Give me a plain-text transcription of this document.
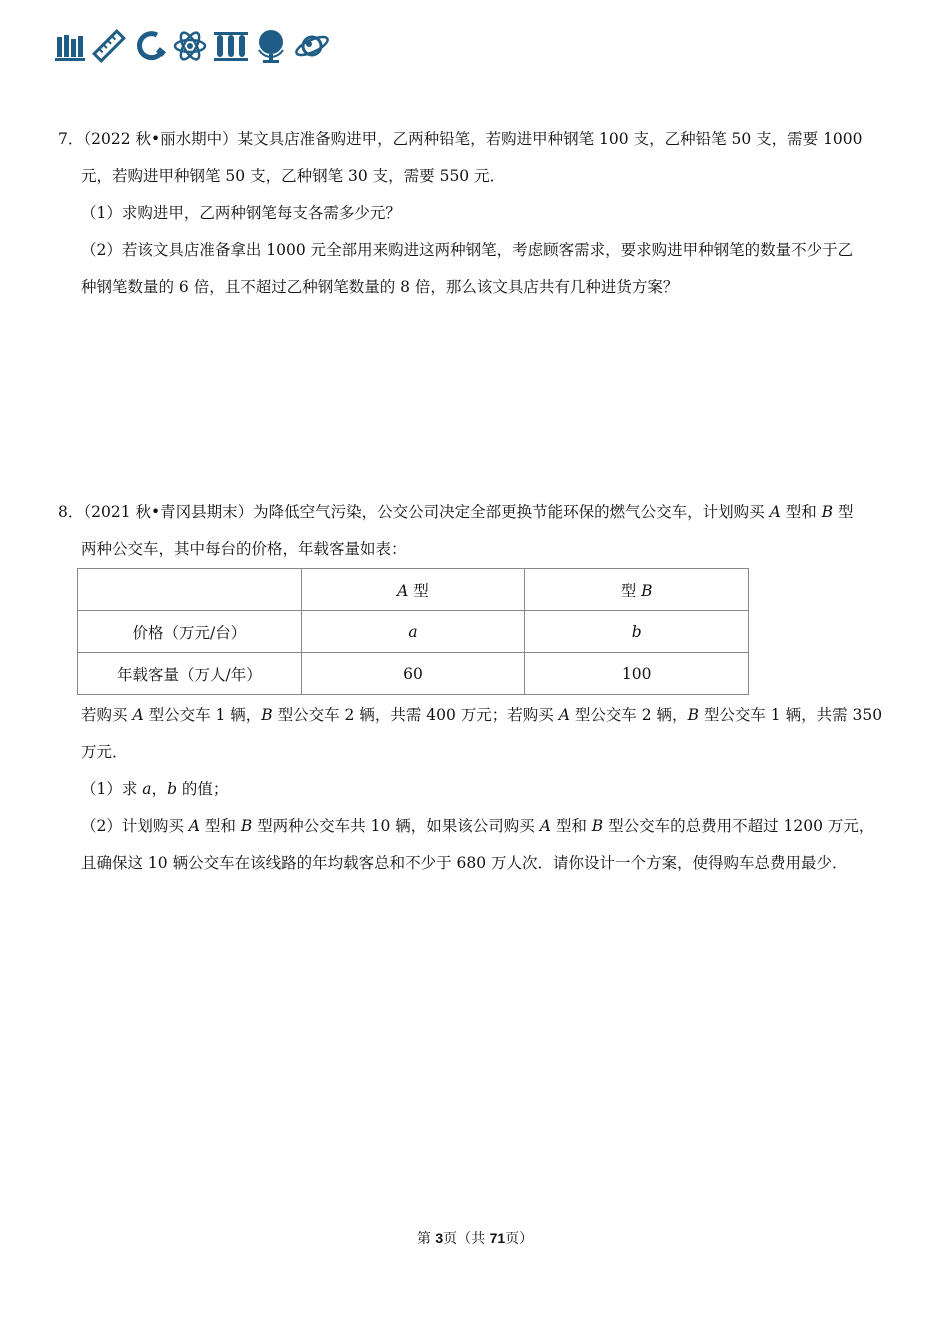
7．（2022 秋•丽水期中）某文具店准备购进甲，乙两种铅笔，若购进甲种钢笔 100 支，乙种铅笔 50 支，需要 1000

元，若购进甲种钢笔 50 支，乙种钢笔 30 支，需要 550 元．

（1）求购进甲，乙两种钢笔每支各需多少元？

（2）若该文具店准备拿出 1000 元全部用来购进这两种钢笔，考虑顾客需求，要求购进甲种钢笔的数量不少于乙

种钢笔数量的 6 倍，且不超过乙种钢笔数量的 8 倍，那么该文具店共有几种进货方案？

8．（2021 秋•青冈县期末）为降低空气污染，公交公司决定全部更换节能环保的燃气公交车，计划购买 A 型和 B 型

两种公交车，其中每台的价格，年载客量如表：

	A 型	型 B
价格（万元/台）	a	b
年载客量（万人/年）	60	100

若购买 A 型公交车 1 辆，B 型公交车 2 辆，共需 400 万元；若购买 A 型公交车 2 辆，B 型公交车 1 辆，共需 350

万元．

（1）求 a，b 的值；

（2）计划购买 A 型和 B 型两种公交车共 10 辆，如果该公司购买 A 型和 B 型公交车的总费用不超过 1200 万元，

且确保这 10 辆公交车在该线路的年均载客总和不少于 680 万人次．请你设计一个方案，使得购车总费用最少．

第 3页（共 71页）
